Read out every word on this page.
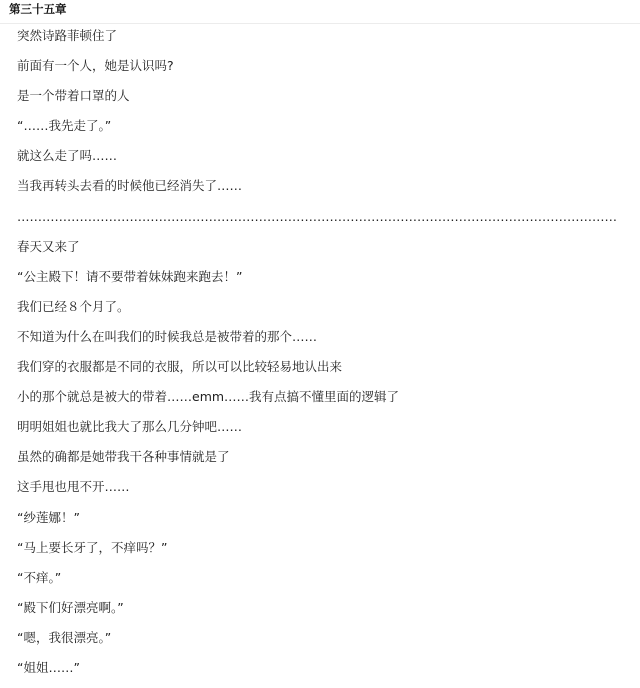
第三十五章
突然诗路菲顿住了
前面有一个人，她是认识吗?
是一个带着口罩的人
“……我先走了。”
就这么走了吗……
当我再转头去看的时候他已经消失了……
………………………………………………………………………………………………………………………………
春天又来了
“公主殿下！请不要带着妹妹跑来跑去！”
我们已经８个月了。
不知道为什么在叫我们的时候我总是被带着的那个……
我们穿的衣服都是不同的衣服，所以可以比较轻易地认出来
小的那个就总是被大的带着……emm……我有点搞不懂里面的逻辑了
明明姐姐也就比我大了那么几分钟吧……
虽然的确都是她带我干各种事情就是了
这手甩也甩不开……
“纱莲娜！”
“马上要长牙了，不痒吗？”
“不痒。”
“殿下们好漂亮啊。”
“嗯，我很漂亮。”
“姐姐……”
